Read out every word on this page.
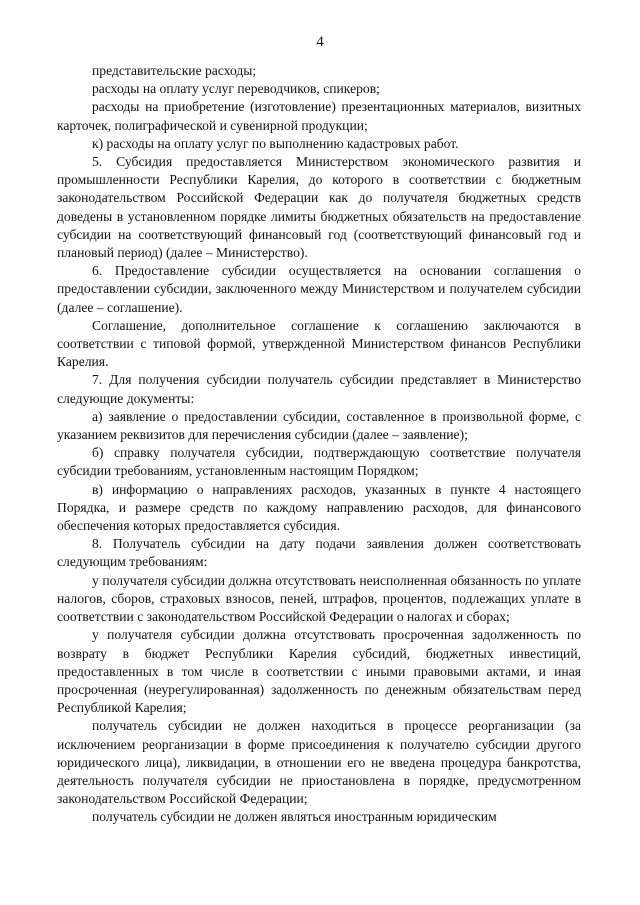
4

представительские расходы;

расходы на оплату услуг переводчиков, спикеров;

расходы на приобретение (изготовление) презентационных материалов, визитных карточек, полиграфической и сувенирной продукции;

к) расходы на оплату услуг по выполнению кадастровых работ.

5. Субсидия предоставляется Министерством экономического развития и промышленности Республики Карелия, до которого в соответствии с бюджетным законодательством Российской Федерации как до получателя бюджетных средств доведены в установленном порядке лимиты бюджетных обязательств на предоставление субсидии на соответствующий финансовый год (соответствующий финансовый год и плановый период) (далее – Министерство).

6. Предоставление субсидии осуществляется на основании соглашения о предоставлении субсидии, заключенного между Министерством и получателем субсидии (далее – соглашение).

Соглашение, дополнительное соглашение к соглашению заключаются в соответствии с типовой формой, утвержденной Министерством финансов Республики Карелия.

7. Для получения субсидии получатель субсидии представляет в Министерство следующие документы:

а) заявление о предоставлении субсидии, составленное в произвольной форме, с указанием реквизитов для перечисления субсидии (далее – заявление);

б) справку получателя субсидии, подтверждающую соответствие получателя субсидии требованиям, установленным настоящим Порядком;

в) информацию о направлениях расходов, указанных в пункте 4 настоящего Порядка, и размере средств по каждому направлению расходов, для финансового обеспечения которых предоставляется субсидия.

8. Получатель субсидии на дату подачи заявления должен соответствовать следующим требованиям:

у получателя субсидии должна отсутствовать неисполненная обязанность по уплате налогов, сборов, страховых взносов, пеней, штрафов, процентов, подлежащих уплате в соответствии с законодательством Российской Федерации о налогах и сборах;

у получателя субсидии должна отсутствовать просроченная задолженность по возврату в бюджет Республики Карелия субсидий, бюджетных инвестиций, предоставленных в том числе в соответствии с иными правовыми актами, и иная просроченная (неурегулированная) задолженность по денежным обязательствам перед Республикой Карелия;

получатель субсидии не должен находиться в процессе реорганизации (за исключением реорганизации в форме присоединения к получателю субсидии другого юридического лица), ликвидации, в отношении его не введена процедура банкротства, деятельность получателя субсидии не приостановлена в порядке, предусмотренном законодательством Российской Федерации;

получатель субсидии не должен являться иностранным юридическим
